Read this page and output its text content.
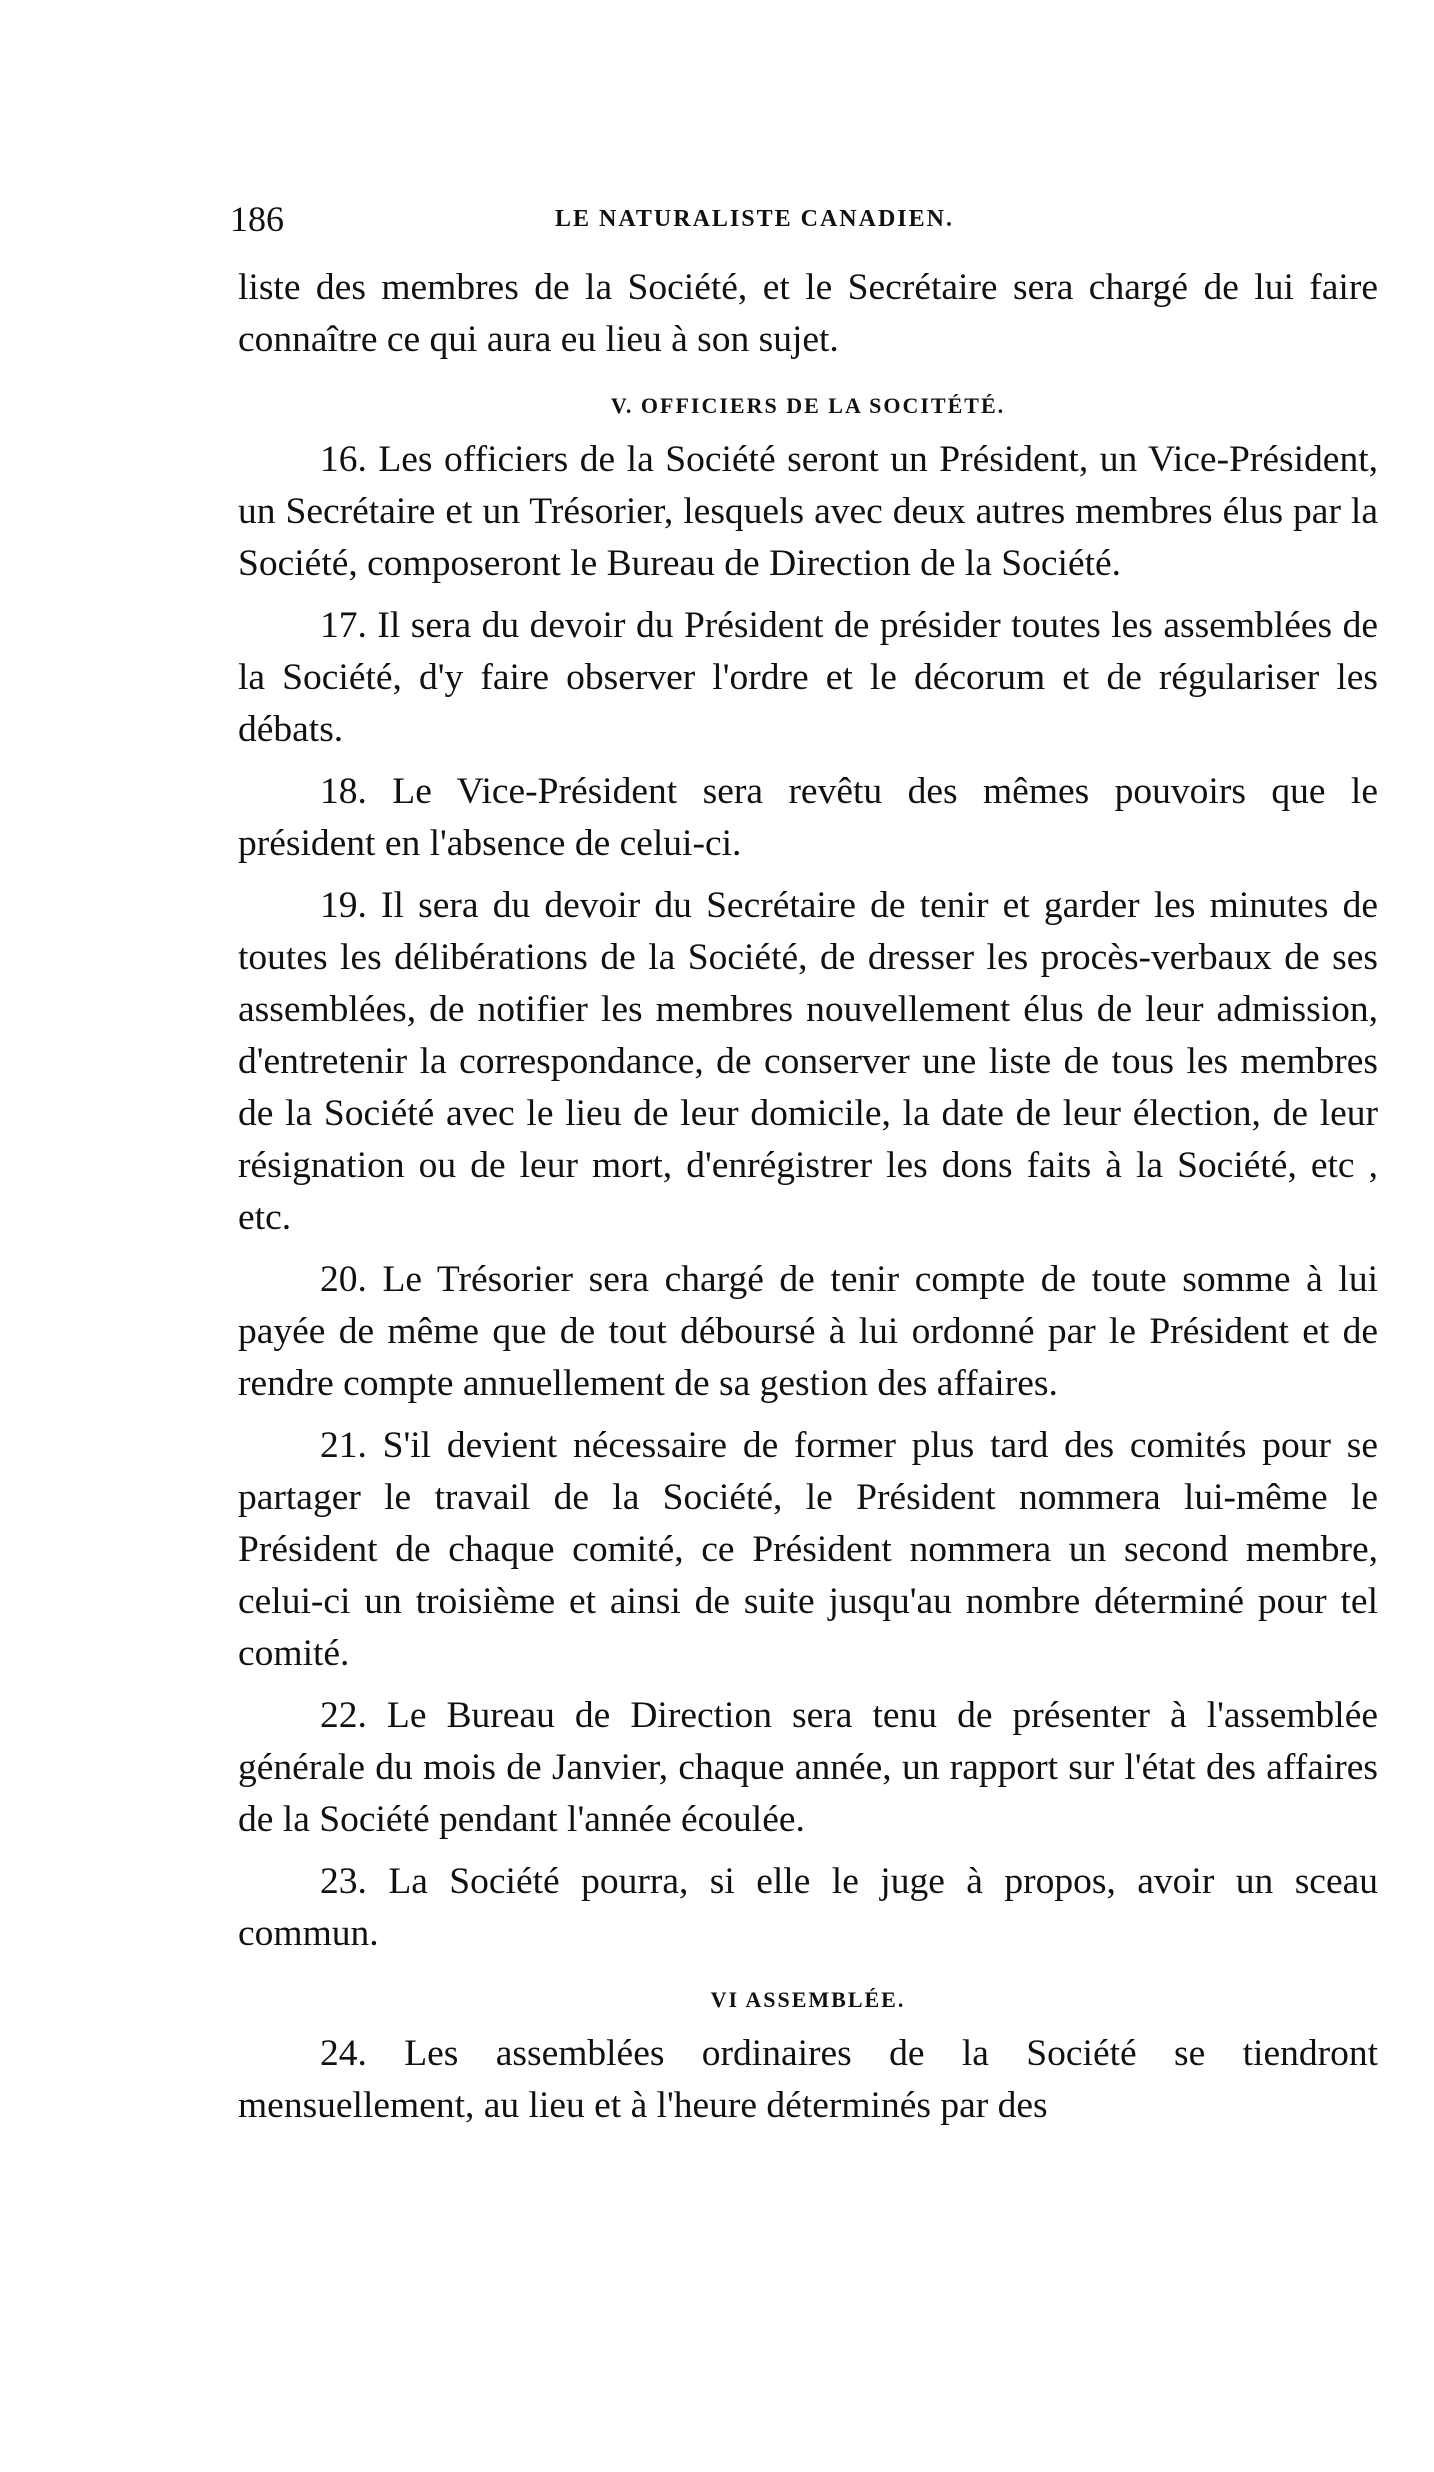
186	LE NATURALISTE CANADIEN.

liste des membres de la Société, et le Secrétaire sera chargé de lui faire connaître ce qui aura eu lieu à son sujet.

V. OFFICIERS DE LA SOCITÉTÉ.

16. Les officiers de la Société seront un Président, un Vice-Président, un Secrétaire et un Trésorier, lesquels avec deux autres membres élus par la Société, composeront le Bureau de Direction de la Société.

17. Il sera du devoir du Président de présider toutes les assemblées de la Société, d'y faire observer l'ordre et le décorum et de régulariser les débats.

18. Le Vice-Président sera revêtu des mêmes pouvoirs que le président en l'absence de celui-ci.

19. Il sera du devoir du Secrétaire de tenir et garder les minutes de toutes les délibérations de la Société, de dresser les procès-verbaux de ses assemblées, de notifier les membres nouvellement élus de leur admission, d'entretenir la correspondance, de conserver une liste de tous les membres de la Société avec le lieu de leur domicile, la date de leur élection, de leur résignation ou de leur mort, d'enrégistrer les dons faits à la Société, etc , etc.

20. Le Trésorier sera chargé de tenir compte de toute somme à lui payée de même que de tout déboursé à lui ordonné par le Président et de rendre compte annuellement de sa gestion des affaires.

21. S'il devient nécessaire de former plus tard des comités pour se partager le travail de la Société, le Président nommera lui-même le Président de chaque comité, ce Président nommera un second membre, celui-ci un troisième et ainsi de suite jusqu'au nombre déterminé pour tel comité.

22. Le Bureau de Direction sera tenu de présenter à l'assemblée générale du mois de Janvier, chaque année, un rapport sur l'état des affaires de la Société pendant l'année écoulée.

23. La Société pourra, si elle le juge à propos, avoir un sceau commun.

VI ASSEMBLÉE.

24. Les assemblées ordinaires de la Société se tiendront mensuellement, au lieu et à l'heure déterminés par des
